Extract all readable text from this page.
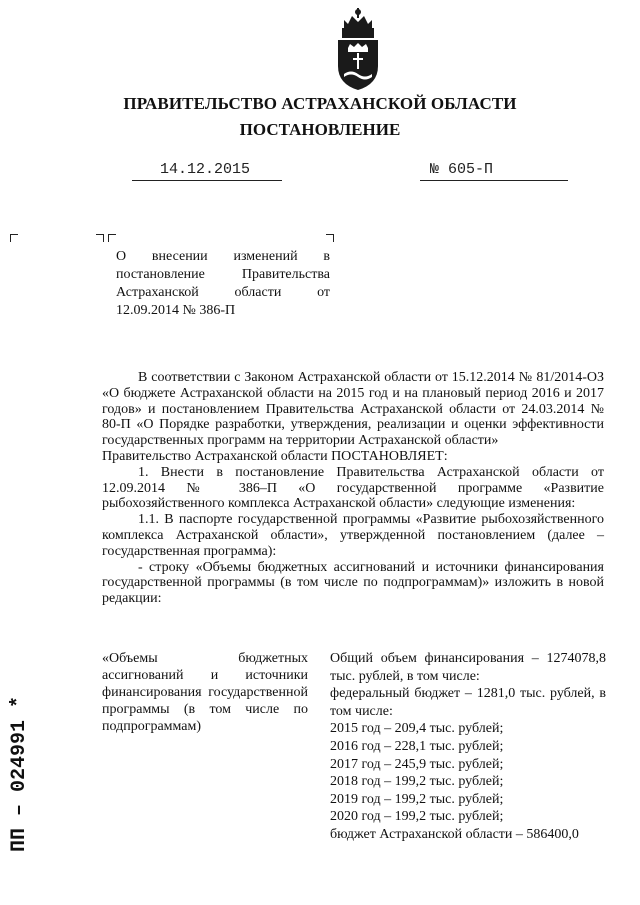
ПРАВИТЕЛЬСТВО АСТРАХАНСКОЙ ОБЛАСТИ
ПОСТАНОВЛЕНИЕ
14.12.2015	№ 605-П
О внесении изменений в постановление Правительства Астраханской области от 12.09.2014 № 386-П

В соответствии с Законом Астраханской области от 15.12.2014 № 81/2014-ОЗ «О бюджете Астраханской области на 2015 год и на плановый период 2016 и 2017 годов» и постановлением Правительства Астраханской области от 24.03.2014 № 80-П «О Порядке разработки, утверждения, реализации и оценки эффективности государственных программ на территории Астраханской области»

Правительство Астраханской области ПОСТАНОВЛЯЕТ:

1. Внести в постановление Правительства Астраханской области от 12.09.2014 № 386–П «О государственной программе «Развитие рыбохозяйственного комплекса Астраханской области» следующие изменения:

1.1. В паспорте государственной программы «Развитие рыбохозяйственного комплекса Астраханской области», утвержденной постановлением (далее – государственная программа):

- строку «Объемы бюджетных ассигнований и источники финансирования государственной программы (в том числе по подпрограммам)» изложить в новой редакции:

«Объемы бюджетных ассигнований и источники финансирования государственной программы (в том числе по подпрограммам)

Общий объем финансирования – 1274078,8 тыс. рублей, в том числе:

федеральный бюджет – 1281,0 тыс. рублей, в том числе:

2015 год – 209,4 тыс. рублей;

2016 год – 228,1 тыс. рублей;

2017 год – 245,9 тыс. рублей;

2018 год – 199,2 тыс. рублей;

2019 год – 199,2 тыс. рублей;

2020 год – 199,2 тыс. рублей;

бюджет Астраханской области – 586400,0

ПП – 024991 *
